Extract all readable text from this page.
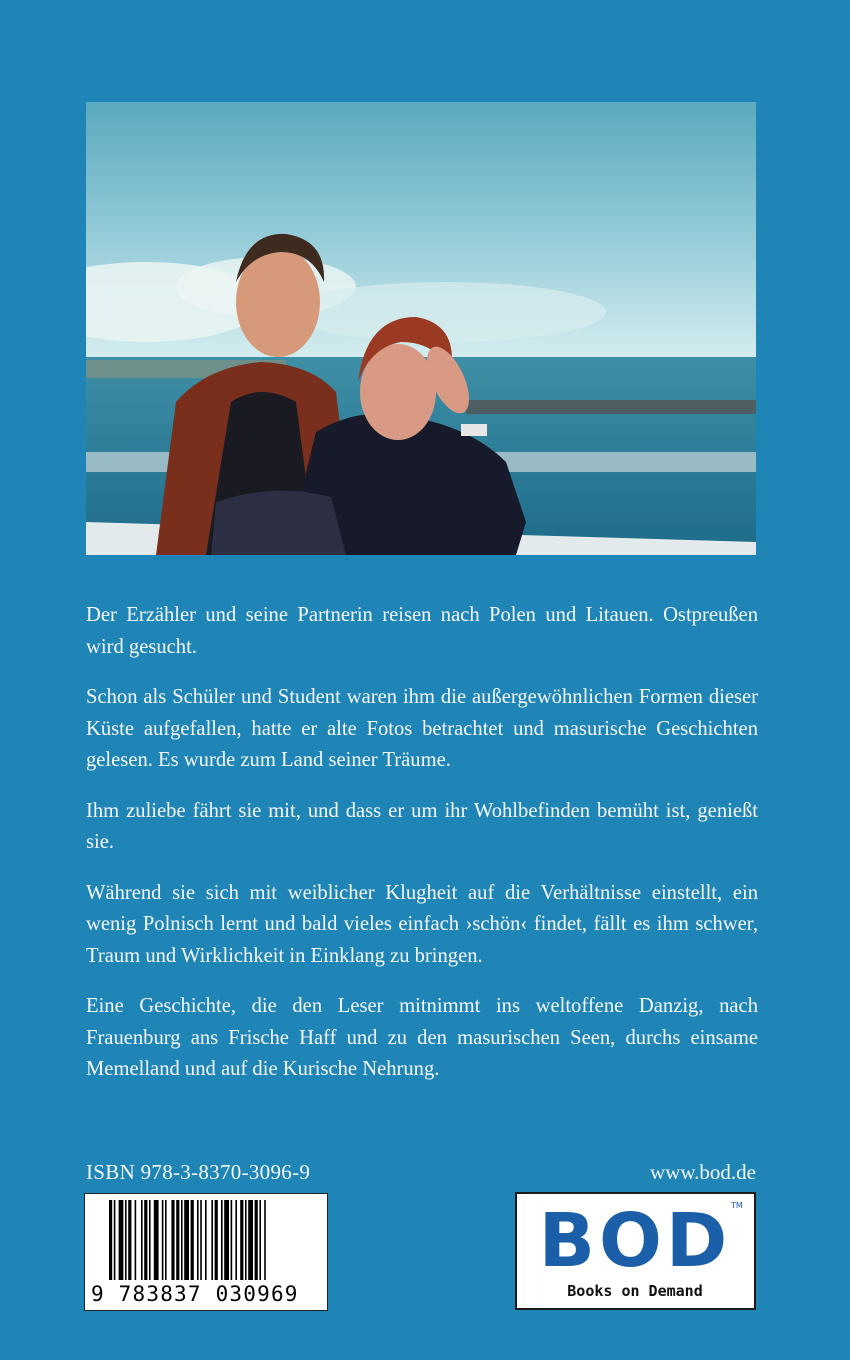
Der Erzähler und seine Partnerin reisen nach Polen und Litauen. Ostpreußen wird gesucht.

Schon als Schüler und Student waren ihm die außergewöhnlichen Formen dieser Küste aufgefallen, hatte er alte Fotos betrachtet und masurische Geschichten gelesen. Es wurde zum Land seiner Träume.

Ihm zuliebe fährt sie mit, und dass er um ihr Wohlbefinden bemüht ist, genießt sie.

Während sie sich mit weiblicher Klugheit auf die Verhältnisse einstellt, ein wenig Polnisch lernt und bald vieles einfach ›schön‹ findet, fällt es ihm schwer, Traum und Wirklichkeit in Einklang zu bringen.

Eine Geschichte, die den Leser mitnimmt ins weltoffene Danzig, nach Frauenburg ans Frische Haff und zu den masurischen Seen, durchs einsame Memelland und auf die Kurische Nehrung.

ISBN 978-3-8370-3096-9	www.bod.de
9 783837 030969
BOD TM
Books on Demand
